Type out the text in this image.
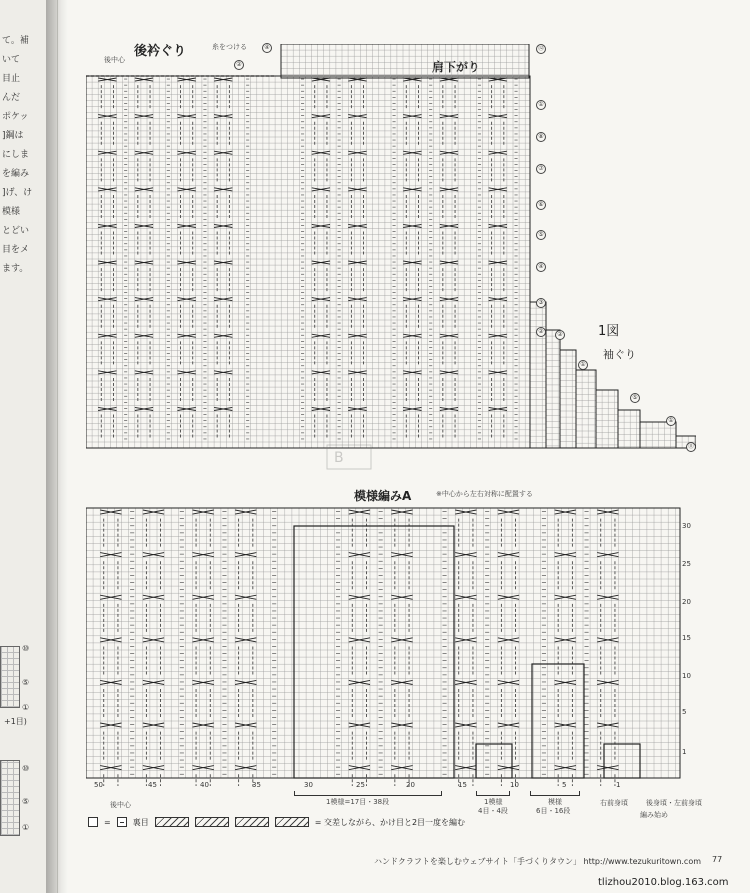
て。補
いて
目止
んだ
ポケッ
]鋼は
にしま
を編み
]げ、け
模様
とどい
目をメ
ます。
⑩
⑤
①
+1目)
⑩
⑤
①
後衿ぐり
後中心
糸をつける	④
②	肩下がり
1図
袖ぐり
⑫
①
⑧
⑦
⑥
⑤
④
③
②	②
①
⑤
①
⑪
B
模様編みA	※中心から左右対称に配置する
30
25
20
15
10
5
1
50	45	40	35	30	25	20	15	10	5	1
後中心	1模様=17目・38段	1模様
4目・4段
模様
6目・16段
右前身頃	後身頃・左前身頃
編み始め
=	裏目	= 交差しながら、かけ目と2目一度を編む
ハンドクラフトを楽しむウェブサイト「手づくりタウン」 http://www.tezukuritown.com 77
tlizhou2010.blog.163.com
